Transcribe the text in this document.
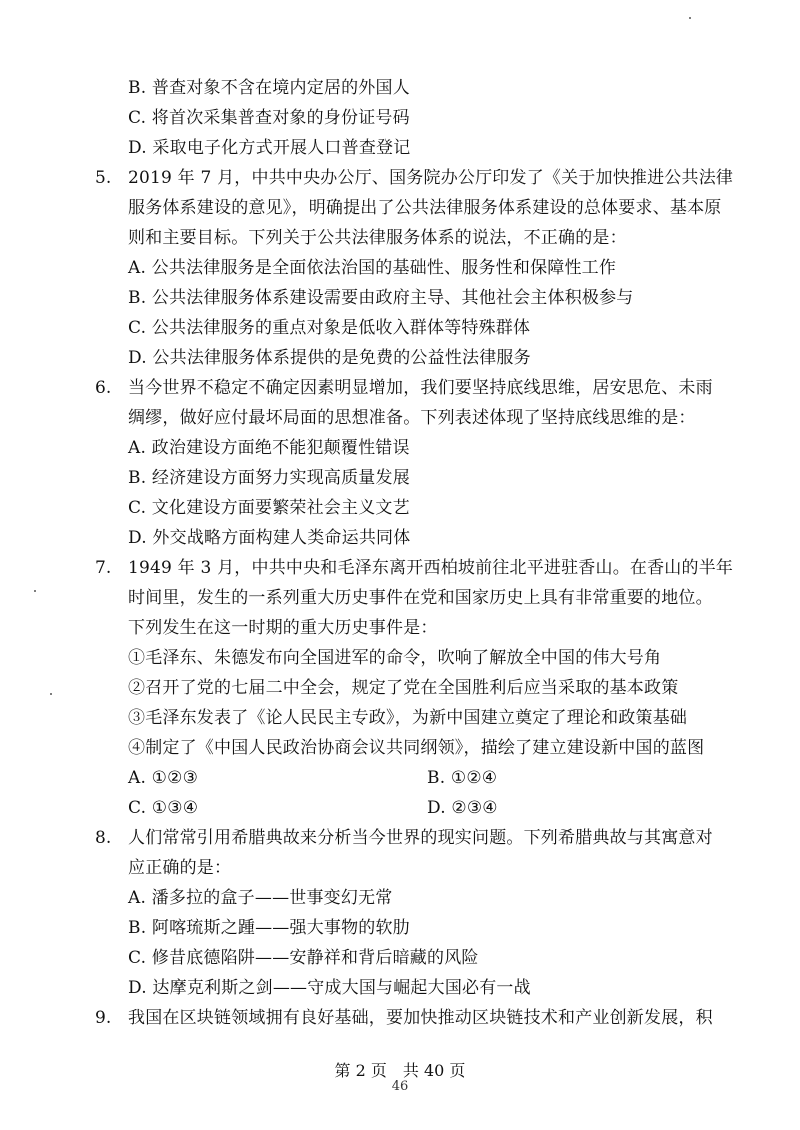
B. 普查对象不含在境内定居的外国人
C. 将首次采集普查对象的身份证号码
D. 采取电子化方式开展人口普查登记
5. 2019 年 7 月，中共中央办公厅、国务院办公厅印发了《关于加快推进公共法律
服务体系建设的意见》，明确提出了公共法律服务体系建设的总体要求、基本原
则和主要目标。下列关于公共法律服务体系的说法，不正确的是：
A. 公共法律服务是全面依法治国的基础性、服务性和保障性工作
B. 公共法律服务体系建设需要由政府主导、其他社会主体积极参与
C. 公共法律服务的重点对象是低收入群体等特殊群体
D. 公共法律服务体系提供的是免费的公益性法律服务
6. 当今世界不稳定不确定因素明显增加，我们要坚持底线思维，居安思危、未雨
绸缪，做好应付最坏局面的思想准备。下列表述体现了坚持底线思维的是：
A. 政治建设方面绝不能犯颠覆性错误
B. 经济建设方面努力实现高质量发展
C. 文化建设方面要繁荣社会主义文艺
D. 外交战略方面构建人类命运共同体
7. 1949 年 3 月，中共中央和毛泽东离开西柏坡前往北平进驻香山。在香山的半年
时间里，发生的一系列重大历史事件在党和国家历史上具有非常重要的地位。
下列发生在这一时期的重大历史事件是：
①毛泽东、朱德发布向全国进军的命令，吹响了解放全中国的伟大号角
②召开了党的七届二中全会，规定了党在全国胜利后应当采取的基本政策
③毛泽东发表了《论人民民主专政》，为新中国建立奠定了理论和政策基础
④制定了《中国人民政治协商会议共同纲领》，描绘了建立建设新中国的蓝图
A. ①②③	B. ①②④
C. ①③④	D. ②③④
8. 人们常常引用希腊典故来分析当今世界的现实问题。下列希腊典故与其寓意对
应正确的是：
A. 潘多拉的盒子——世事变幻无常
B. 阿喀琉斯之踵——强大事物的软肋
C. 修昔底德陷阱——安静祥和背后暗藏的风险
D. 达摩克利斯之剑——守成大国与崛起大国必有一战
9. 我国在区块链领域拥有良好基础，要加快推动区块链技术和产业创新发展，积
第 2 页　共 40 页
46
